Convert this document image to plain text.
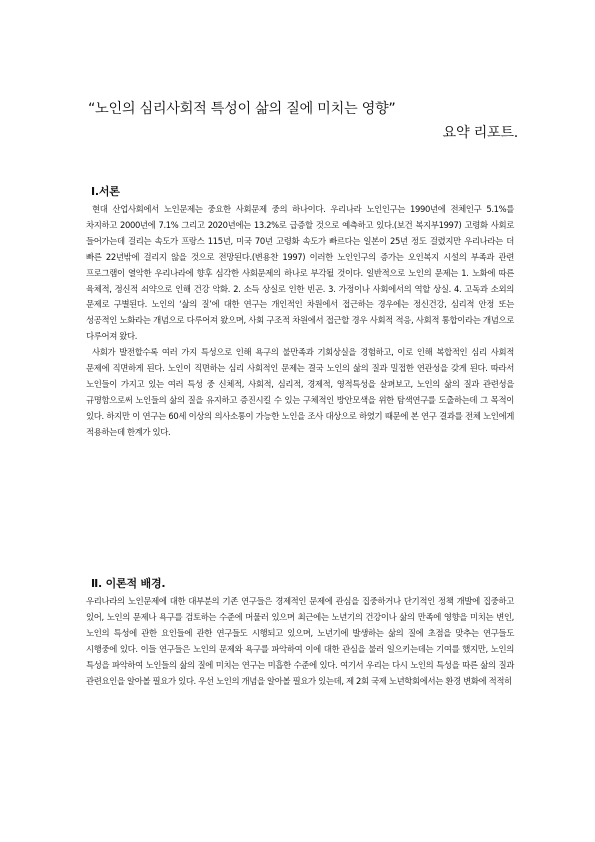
“노인의 심리사회적 특성이 삶의 질에 미치는 영향”
요약 리포트.
Ⅰ.서론

현대 산업사회에서 노인문제는 중요한 사회문제 중의 하나이다. 우리나라 노인인구는 1990년에 전체인구 5.1%를 차지하고 2000년에 7.1% 그리고 2020년에는 13.2%로 급증할 것으로 예측하고 있다.(보건 복지부1997) 고령화 사회로 들어가는데 걸리는 속도가 프랑스 115년, 미국 70년 고령화 속도가 빠르다는 일본이 25년 정도 걸렸지만 우리나라는 더 빠른 22년밖에 걸리지 않을 것으로 전망된다.(변용찬 1997) 이러한 노인인구의 증가는 오인복지 시설의 부족과 관련 프로그램이 열악한 우리나라에 향후 심각한 사회문제의 하나로 부각될 것이다. 일반적으로 노인의 문제는 1. 노화에 따른 육체적, 정신적 쇠약으로 인해 건강 악화. 2. 소득 상실로 인한 빈곤. 3. 가정이나 사회에서의 역할 상실. 4. 고독과 소외의 문제로 구별된다. 노인의 ‘삶의 질’에 대한 연구는 개인적인 차원에서 접근하는 경우에는 정신건강, 심리적 안정 또는 성공적인 노화라는 개념으로 다루어져 왔으며, 사회 구조적 차원에서 접근할 경우 사회적 적응, 사회적 통합이라는 개념으로 다루어져 왔다.

사회가 발전할수록 여러 가지 특성으로 인해 욕구의 불만족과 기회상실을 경험하고, 이로 인해 복합적인 심리 사회적 문제에 직면하게 된다. 노인이 직면하는 심리 사회적인 문제는 결국 노인의 삶의 질과 밀접한 연관성을 갖게 된다. 따라서 노인들이 가지고 있는 여러 특성 중 신체적, 사회적, 심리적, 경제적, 영적특성을 살펴보고, 노인의 삶의 질과 관련성을 규명함으로써 노인들의 삶의 질을 유지하고 증진시킬 수 있는 구체적인 방안모색을 위한 탐색연구를 도출하는데 그 목적이 있다. 하지만 이 연구는 60세 이상의 의사소통이 가능한 노인을 조사 대상으로 하였기 때문에 본 연구 결과를 전체 노인에게 적용하는데 한계가 있다.

Ⅱ. 이론적 배경.

우리나라의 노인문제에 대한 대부분의 기존 연구들은 경제적인 문제에 관심을 집중하거나 단기적인 정책 개발에 집중하고 있어, 노인의 문제나 욕구를 검토하는 수준에 머물러 있으며 최근에는 노년기의 건강이나 삶의 만족에 영향을 미치는 변인, 노인의 특성에 관한 요인들에 관한 연구들도 시행되고 있으며, 노년기에 발생하는 삶의 질에 초점을 맞추는 연구들도 시행중에 있다. 이들 연구들은 노인의 문제와 욕구를 파악하여 이에 대한 관심을 불러 일으키는데는 기여를 했지만, 노인의 특성을 파악하여 노인들의 삶의 질에 미치는 연구는 미흡한 수준에 있다. 여기서 우리는 다시 노인의 특성을 따른 삶의 질과 관련요인을 알아볼 필요가 있다. 우선 노인의 개념을 알아볼 필요가 있는데, 제 2회 국제 노년학회에서는 환경 변화에 적적히
